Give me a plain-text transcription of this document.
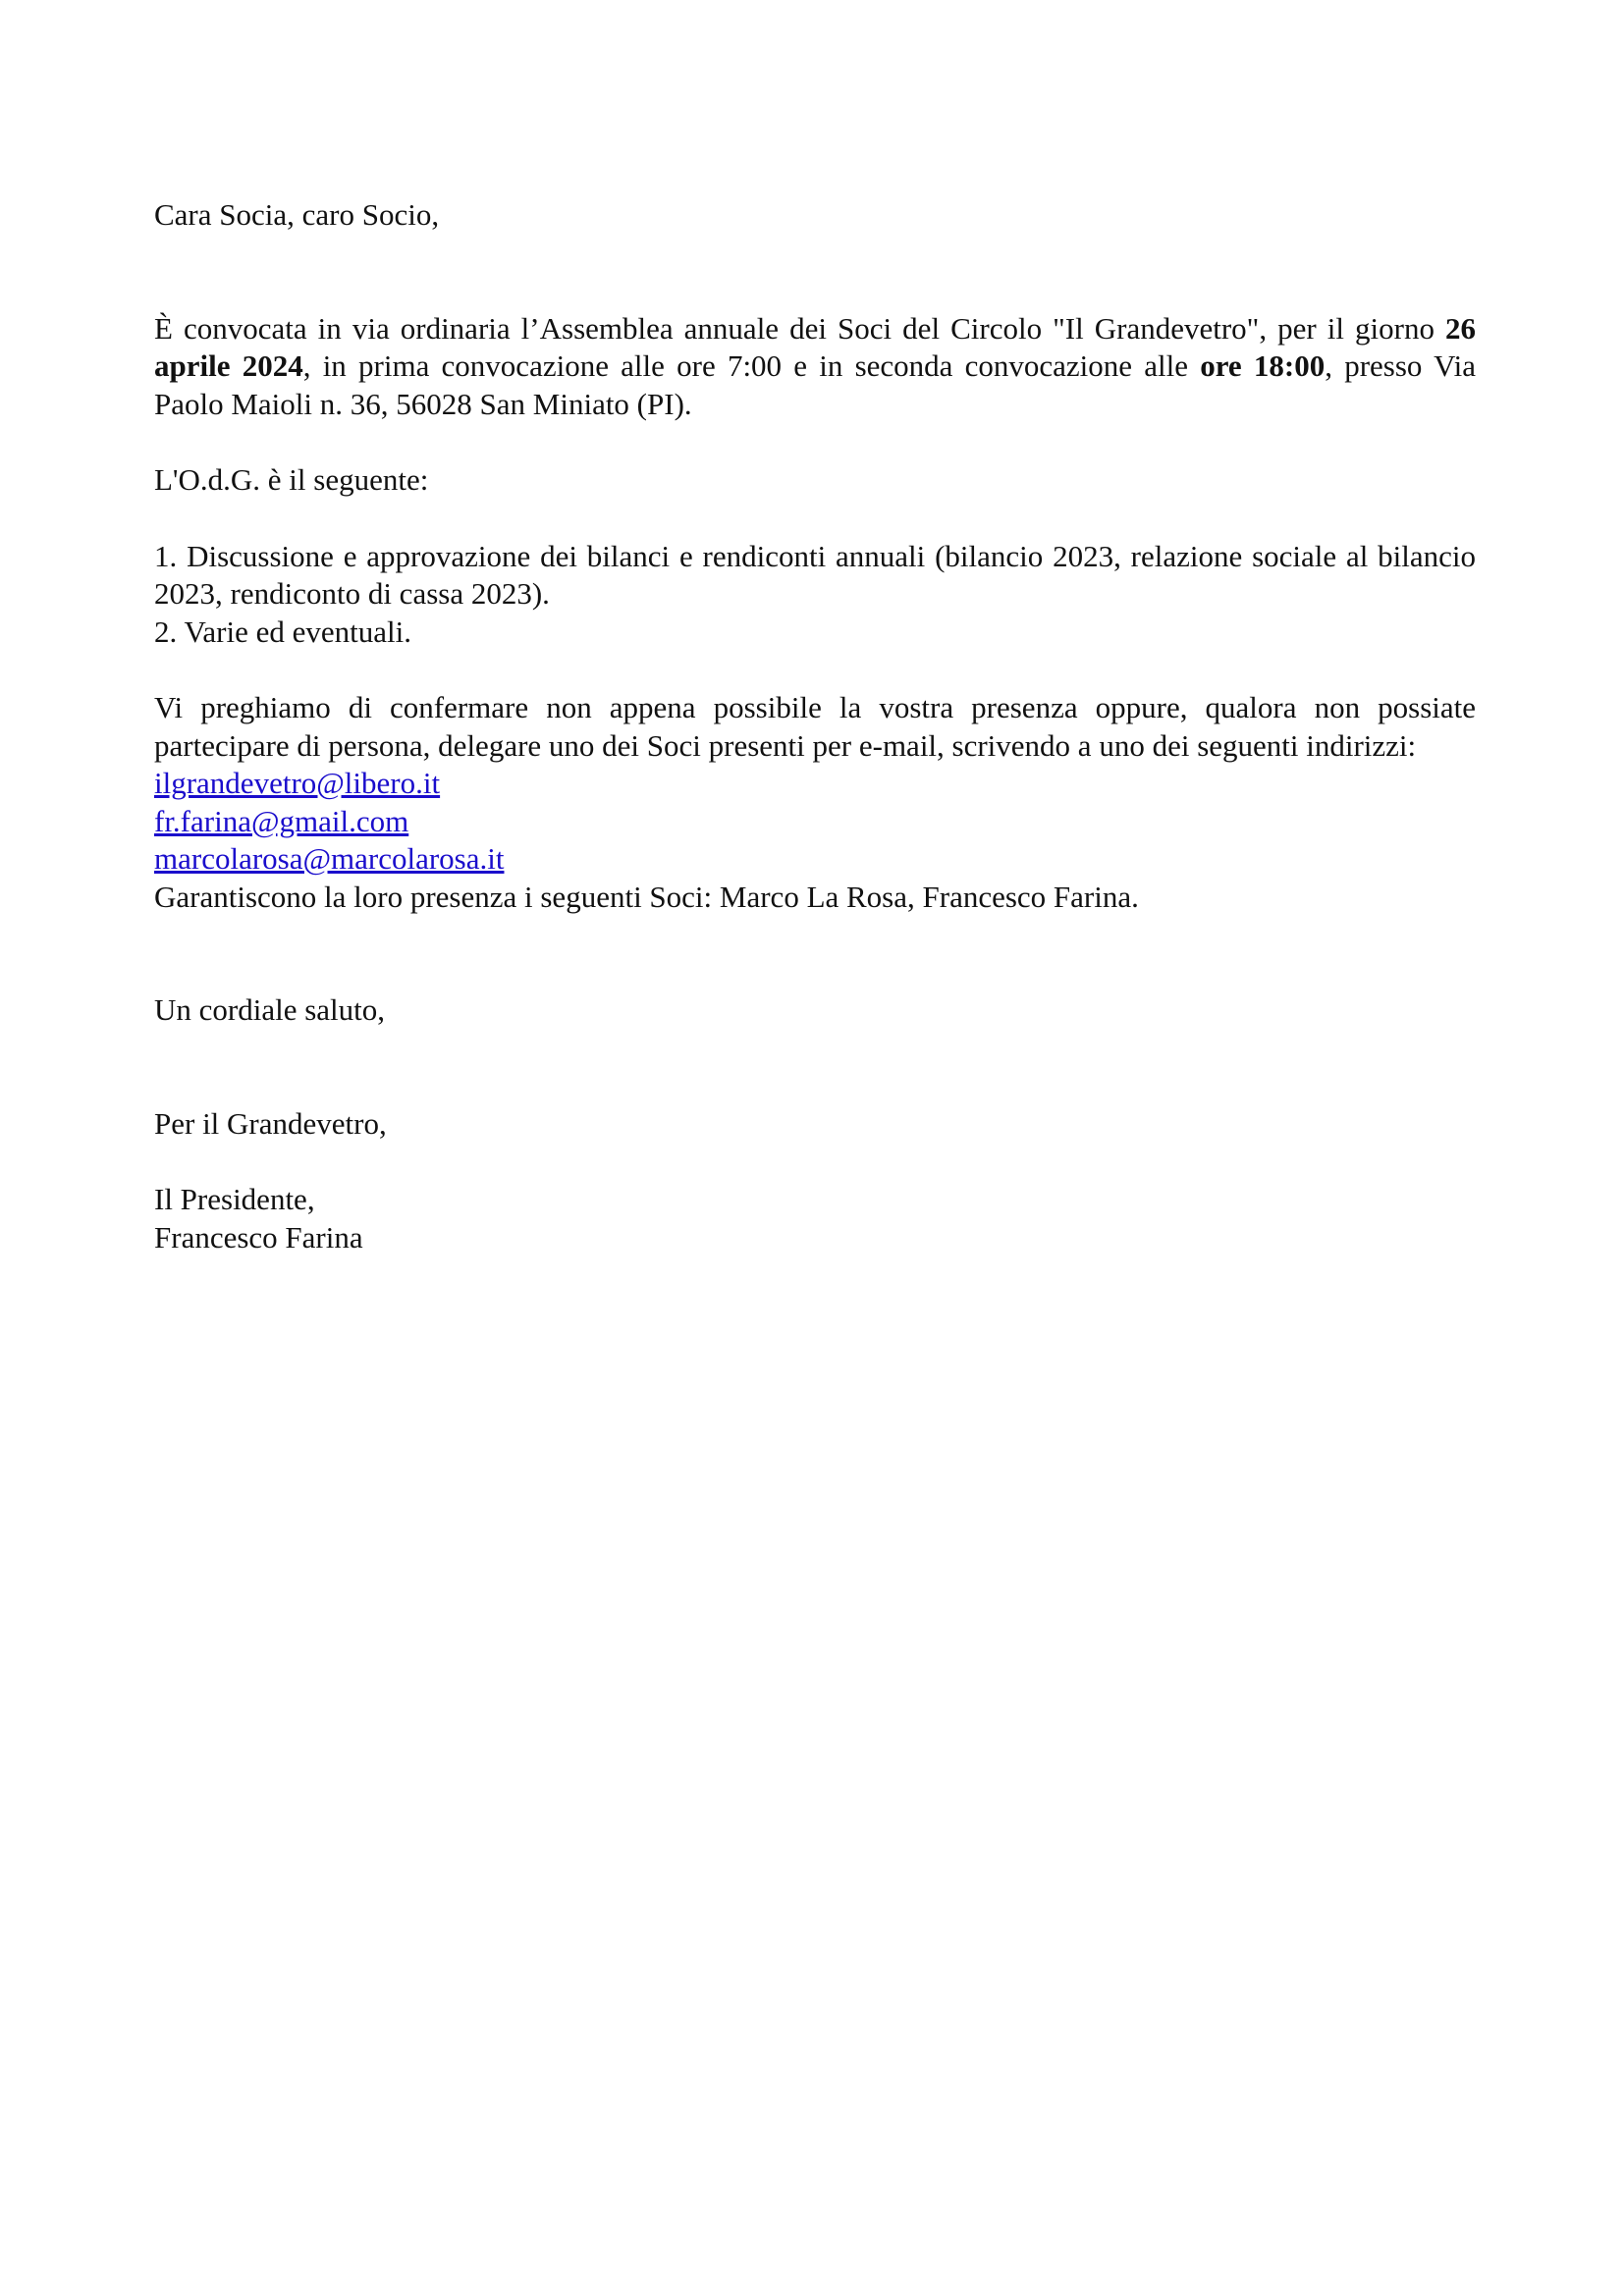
Cara Socia, caro Socio,

È convocata in via ordinaria l’Assemblea annuale dei Soci del Circolo "Il Grandevetro", per il giorno 26 aprile 2024, in prima convocazione alle ore 7:00 e in seconda convocazione alle ore 18:00, presso Via Paolo Maioli n. 36, 56028 San Miniato (PI).

L'O.d.G. è il seguente:

1. Discussione e approvazione dei bilanci e rendiconti annuali (bilancio 2023, relazione sociale al bilancio 2023, rendiconto di cassa 2023).

2. Varie ed eventuali.

Vi preghiamo di confermare non appena possibile la vostra presenza oppure, qualora non possiate partecipare di persona, delegare uno dei Soci presenti per e-mail, scrivendo a uno dei seguenti indirizzi:

ilgrandevetro@libero.it
fr.farina@gmail.com
marcolarosa@marcolarosa.it

Garantiscono la loro presenza i seguenti Soci: Marco La Rosa, Francesco Farina.

Un cordiale saluto,

Per il Grandevetro,

Il Presidente,

Francesco Farina
